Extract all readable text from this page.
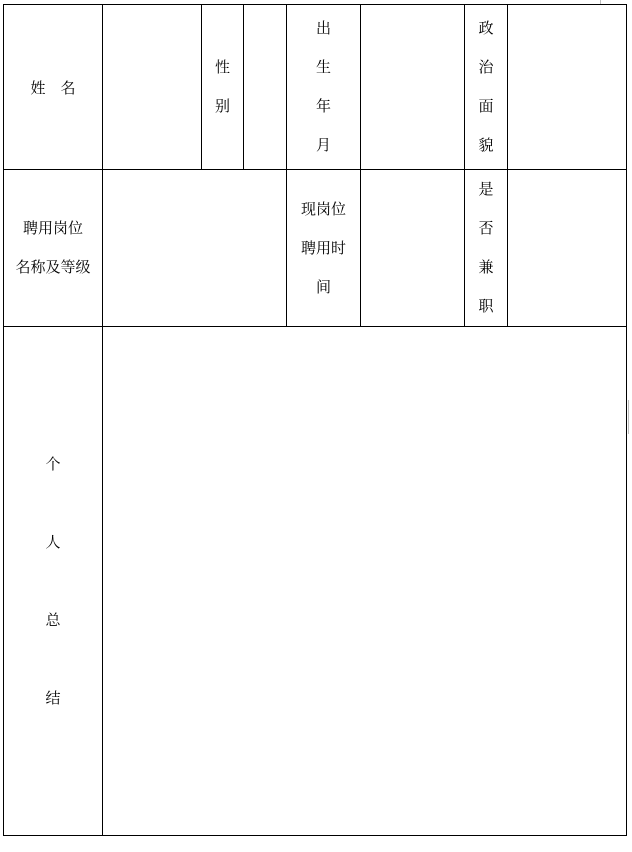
姓　名
性
别
出
生
年
月
政
治
面
貌
聘用岗位
名称及等级
现岗位
聘用时
间
是
否
兼
职
个
人
总
结
